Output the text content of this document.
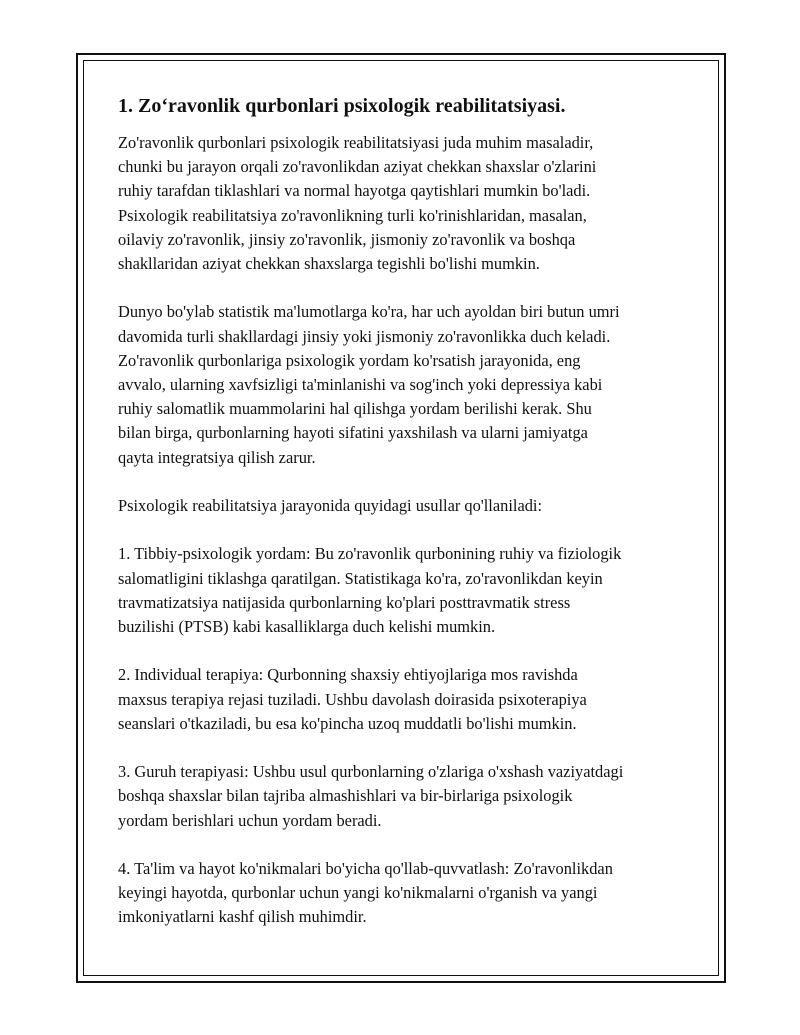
1. Zo‘ravonlik qurbonlari psixologik reabilitatsiyasi.

Zo'ravonlik qurbonlari psixologik reabilitatsiyasi juda muhim masaladir,
chunki bu jarayon orqali zo'ravonlikdan aziyat chekkan shaxslar o'zlarini
ruhiy tarafdan tiklashlari va normal hayotga qaytishlari mumkin bo'ladi.
Psixologik reabilitatsiya zo'ravonlikning turli ko'rinishlaridan, masalan,
oilaviy zo'ravonlik, jinsiy zo'ravonlik, jismoniy zo'ravonlik va boshqa
shakllaridan aziyat chekkan shaxslarga tegishli bo'lishi mumkin.

Dunyo bo'ylab statistik ma'lumotlarga ko'ra, har uch ayoldan biri butun umri
davomida turli shakllardagi jinsiy yoki jismoniy zo'ravonlikka duch keladi.
Zo'ravonlik qurbonlariga psixologik yordam ko'rsatish jarayonida, eng
avvalo, ularning xavfsizligi ta'minlanishi va sog'inch yoki depressiya kabi
ruhiy salomatlik muammolarini hal qilishga yordam berilishi kerak. Shu
bilan birga, qurbonlarning hayoti sifatini yaxshilash va ularni jamiyatga
qayta integratsiya qilish zarur.

Psixologik reabilitatsiya jarayonida quyidagi usullar qo'llaniladi:

1. Tibbiy-psixologik yordam: Bu zo'ravonlik qurbonining ruhiy va fiziologik
salomatligini tiklashga qaratilgan. Statistikaga ko'ra, zo'ravonlikdan keyin
travmatizatsiya natijasida qurbonlarning ko'plari posttravmatik stress
buzilishi (PTSB) kabi kasalliklarga duch kelishi mumkin.

2. Individual terapiya: Qurbonning shaxsiy ehtiyojlariga mos ravishda
maxsus terapiya rejasi tuziladi. Ushbu davolash doirasida psixoterapiya
seanslari o'tkaziladi, bu esa ko'pincha uzoq muddatli bo'lishi mumkin.

3. Guruh terapiyasi: Ushbu usul qurbonlarning o'zlariga o'xshash vaziyatdagi
boshqa shaxslar bilan tajriba almashishlari va bir-birlariga psixologik
yordam berishlari uchun yordam beradi.

4. Ta'lim va hayot ko'nikmalari bo'yicha qo'llab-quvvatlash: Zo'ravonlikdan
keyingi hayotda, qurbonlar uchun yangi ko'nikmalarni o'rganish va yangi
imkoniyatlarni kashf qilish muhimdir.
